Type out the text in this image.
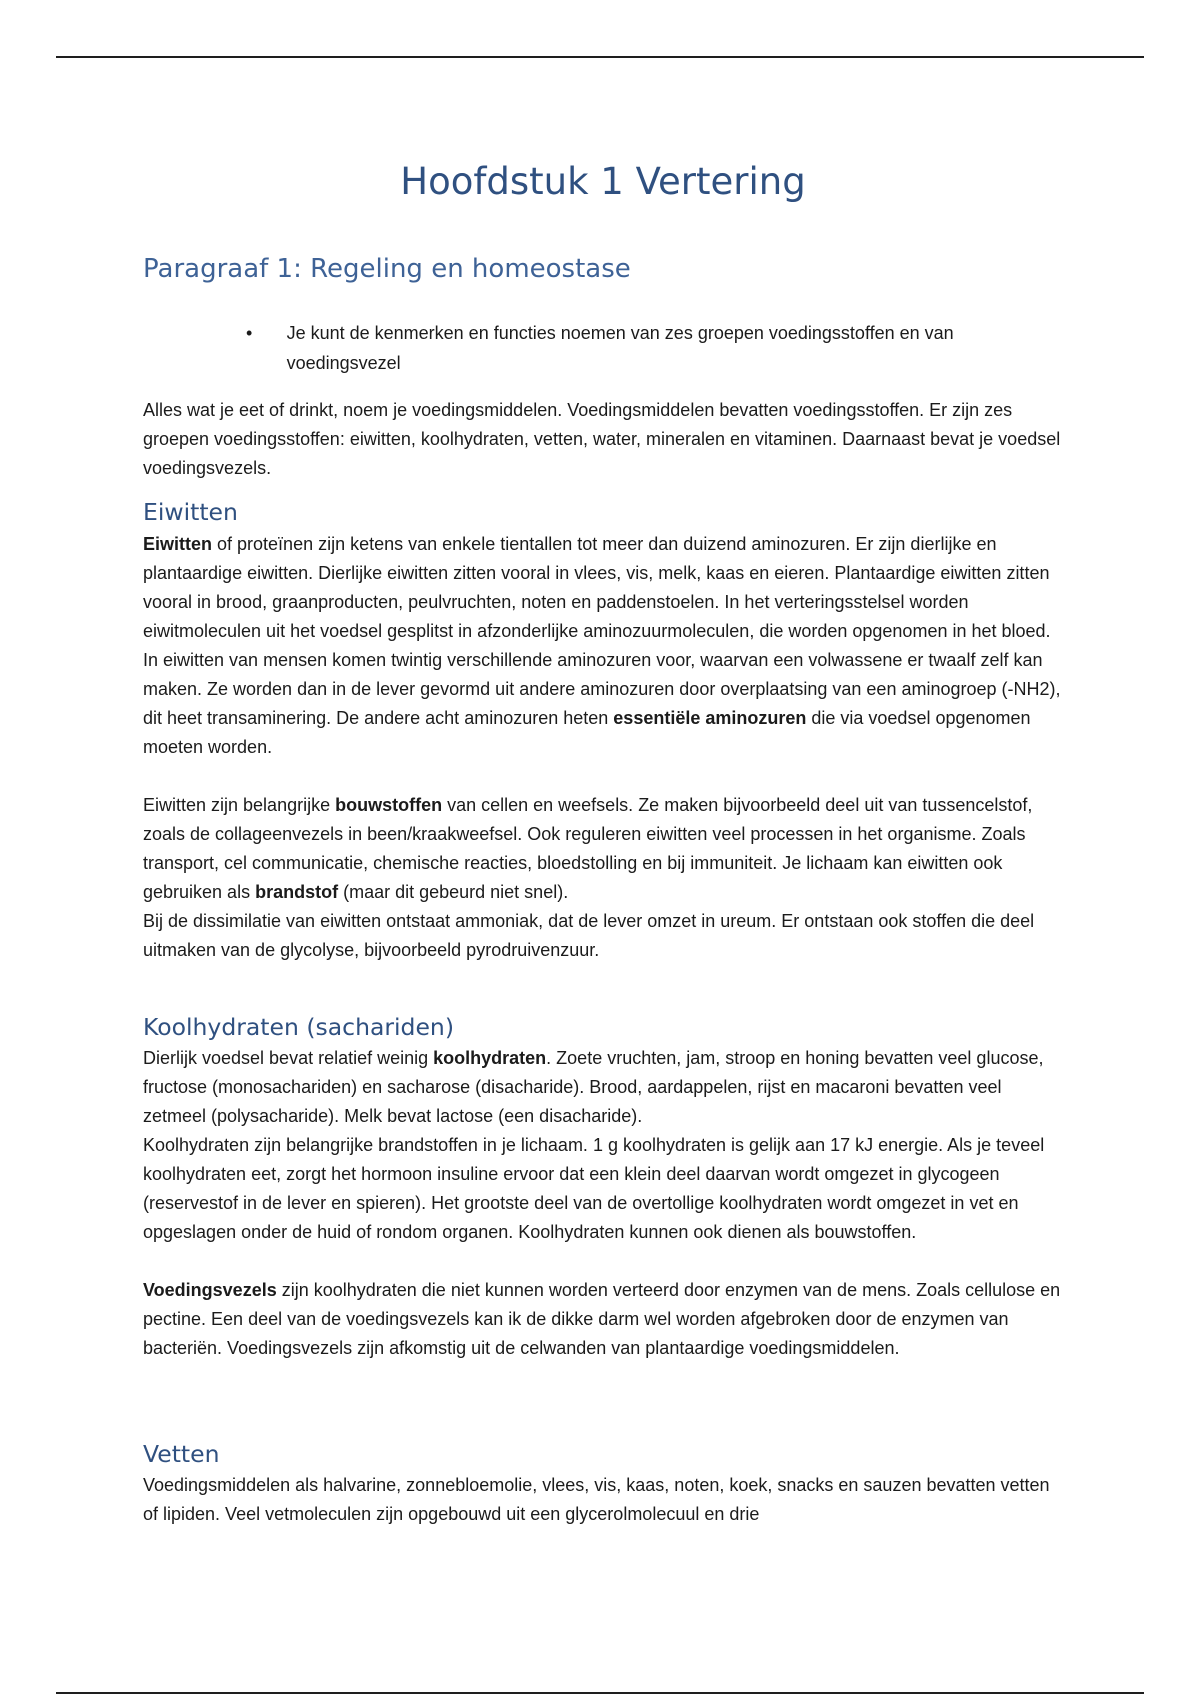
Hoofdstuk 1 Vertering
Paragraaf 1: Regeling en homeostase
•	Je kunt de kenmerken en functies noemen van zes groepen voedingsstoffen en van voedingsvezel

Alles wat je eet of drinkt, noem je voedingsmiddelen. Voedingsmiddelen bevatten voedingsstoffen. Er zijn zes groepen voedingsstoffen: eiwitten, koolhydraten, vetten, water, mineralen en vitaminen. Daarnaast bevat je voedsel voedingsvezels.

Eiwitten

Eiwitten of proteïnen zijn ketens van enkele tientallen tot meer dan duizend aminozuren. Er zijn dierlijke en plantaardige eiwitten. Dierlijke eiwitten zitten vooral in vlees, vis, melk, kaas en eieren. Plantaardige eiwitten zitten vooral in brood, graanproducten, peulvruchten, noten en paddenstoelen. In het verteringsstelsel worden eiwitmoleculen uit het voedsel gesplitst in afzonderlijke aminozuurmoleculen, die worden opgenomen in het bloed. In eiwitten van mensen komen twintig verschillende aminozuren voor, waarvan een volwassene er twaalf zelf kan maken. Ze worden dan in de lever gevormd uit andere aminozuren door overplaatsing van een aminogroep (-NH2), dit heet transaminering. De andere acht aminozuren heten essentiële aminozuren die via voedsel opgenomen moeten worden.

Eiwitten zijn belangrijke bouwstoffen van cellen en weefsels. Ze maken bijvoorbeeld deel uit van tussencelstof, zoals de collageenvezels in been/kraakweefsel. Ook reguleren eiwitten veel processen in het organisme. Zoals transport, cel communicatie, chemische reacties, bloedstolling en bij immuniteit. Je lichaam kan eiwitten ook gebruiken als brandstof (maar dit gebeurd niet snel).

Bij de dissimilatie van eiwitten ontstaat ammoniak, dat de lever omzet in ureum. Er ontstaan ook stoffen die deel uitmaken van de glycolyse, bijvoorbeeld pyrodruivenzuur.

Koolhydraten (sachariden)

Dierlijk voedsel bevat relatief weinig koolhydraten. Zoete vruchten, jam, stroop en honing bevatten veel glucose, fructose (monosachariden) en sacharose (disacharide). Brood, aardappelen, rijst en macaroni bevatten veel zetmeel (polysacharide). Melk bevat lactose (een disacharide).

Koolhydraten zijn belangrijke brandstoffen in je lichaam. 1 g koolhydraten is gelijk aan 17 kJ energie. Als je teveel koolhydraten eet, zorgt het hormoon insuline ervoor dat een klein deel daarvan wordt omgezet in glycogeen (reservestof in de lever en spieren). Het grootste deel van de overtollige koolhydraten wordt omgezet in vet en opgeslagen onder de huid of rondom organen. Koolhydraten kunnen ook dienen als bouwstoffen.

Voedingsvezels zijn koolhydraten die niet kunnen worden verteerd door enzymen van de mens. Zoals cellulose en pectine. Een deel van de voedingsvezels kan ik de dikke darm wel worden afgebroken door de enzymen van bacteriën. Voedingsvezels zijn afkomstig uit de celwanden van plantaardige voedingsmiddelen.

Vetten

Voedingsmiddelen als halvarine, zonnebloemolie, vlees, vis, kaas, noten, koek, snacks en sauzen bevatten vetten of lipiden. Veel vetmoleculen zijn opgebouwd uit een glycerolmolecuul en drie
